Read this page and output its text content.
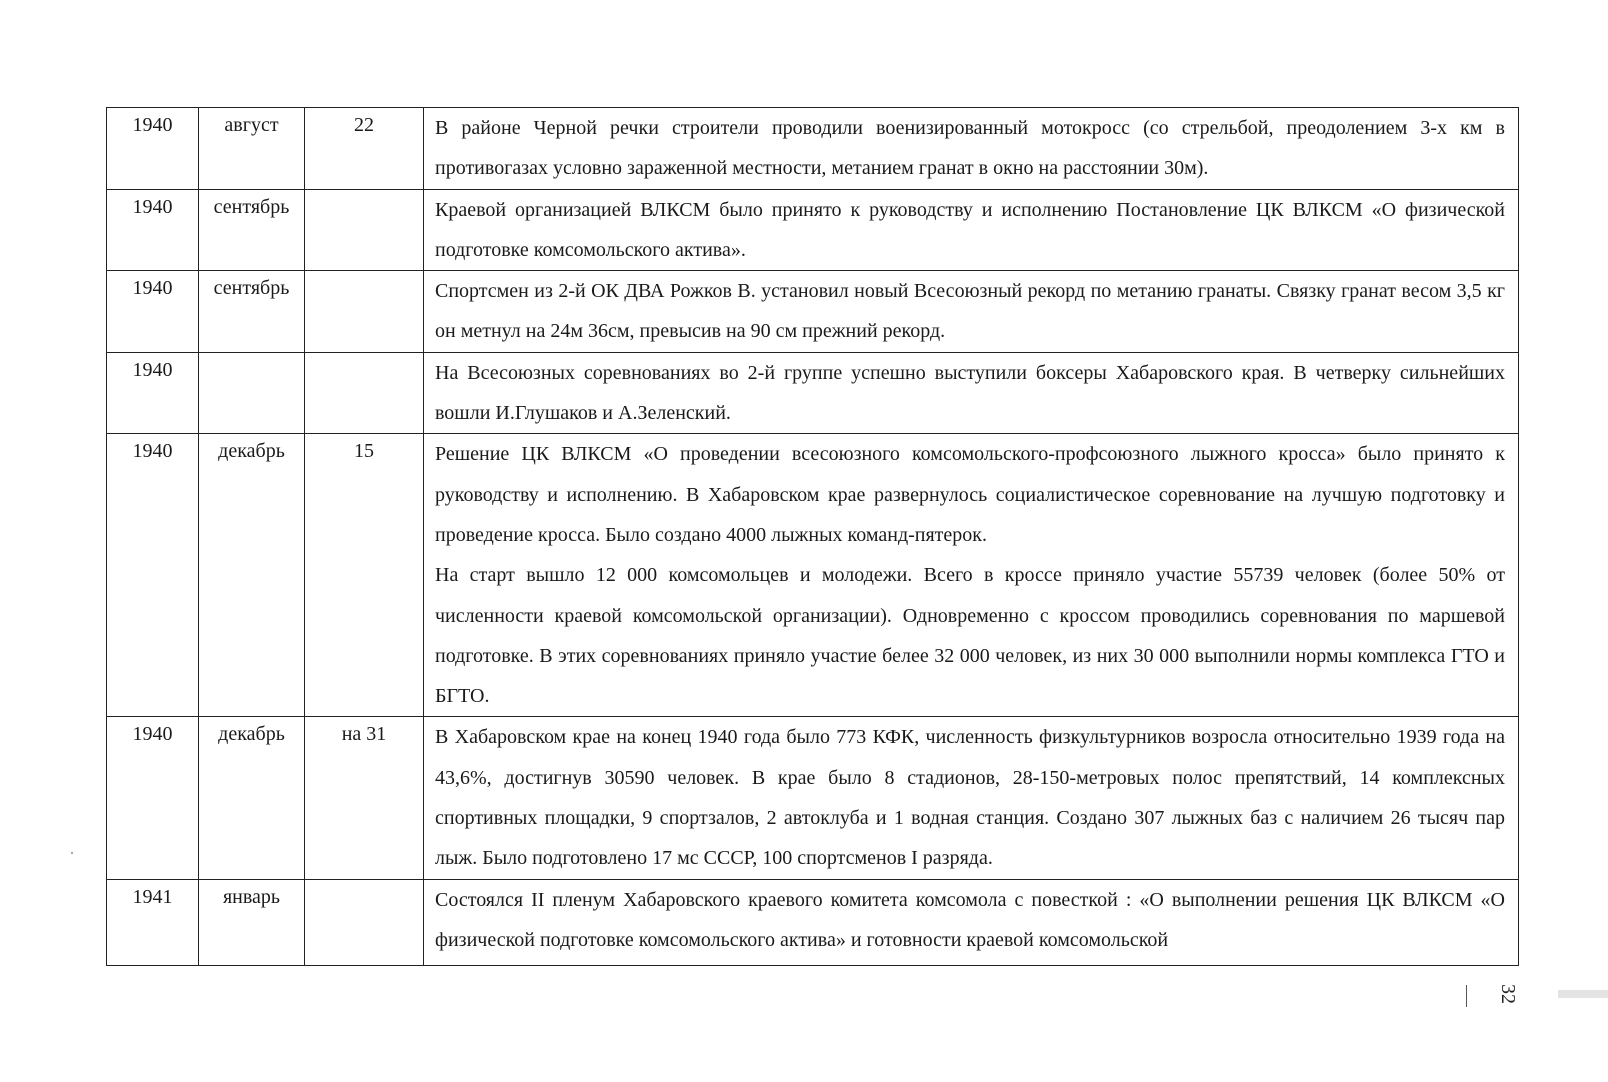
1940	август	22	В районе Черной речки строители проводили военизированный мотокросс (со стрельбой, преодолением 3-х км в противогазах условно зараженной местности, метанием гранат в окно на расстоянии 30м).

1940	сентябрь		Краевой организацией ВЛКСМ было принято к руководству и исполнению Постановление ЦК ВЛКСМ «О физической подготовке комсомольского актива».

1940	сентябрь		Спортсмен из 2-й ОК ДВА Рожков В. установил новый Всесоюзный рекорд по метанию гранаты. Связку гранат весом 3,5 кг он метнул на 24м 36см, превысив на 90 см прежний рекорд.

1940			На Всесоюзных соревнованиях во 2-й группе успешно выступили боксеры Хабаровского края. В четверку сильнейших вошли И.Глушаков и А.Зеленский.

1940	декабрь	15	Решение ЦК ВЛКСМ «О проведении всесоюзного комсомольского-профсоюзного лыжного кросса» было принято к руководству и исполнению. В Хабаровском крае развернулось социалистическое соревнование на лучшую подготовку и проведение кросса. Было создано 4000 лыжных команд-пятерок.

На старт вышло 12 000 комсомольцев и молодежи. Всего в кроссе приняло участие 55739 человек (более 50% от численности краевой комсомольской организации). Одновременно с кроссом проводились соревнования по маршевой подготовке. В этих соревнованиях приняло участие белее 32 000 человек, из них 30 000 выполнили нормы комплекса ГТО и БГТО.

1940	декабрь	на 31	В Хабаровском крае на конец 1940 года было 773 КФК, численность физкультурников возросла относительно 1939 года на 43,6%, достигнув 30590 человек. В крае было 8 стадионов, 28-150-метровых полос препятствий, 14 комплексных спортивных площадки, 9 спортзалов, 2 автоклуба и 1 водная станция. Создано 307 лыжных баз с наличием 26 тысяч пар лыж. Было подготовлено 17 мс СССР, 100 спортсменов I разряда.

1941	январь		Состоялся II пленум Хабаровского краевого комитета комсомола с повесткой : «О выполнении решения ЦК ВЛКСМ «О физической подготовке комсомольского актива» и готовности краевой комсомольской

32
